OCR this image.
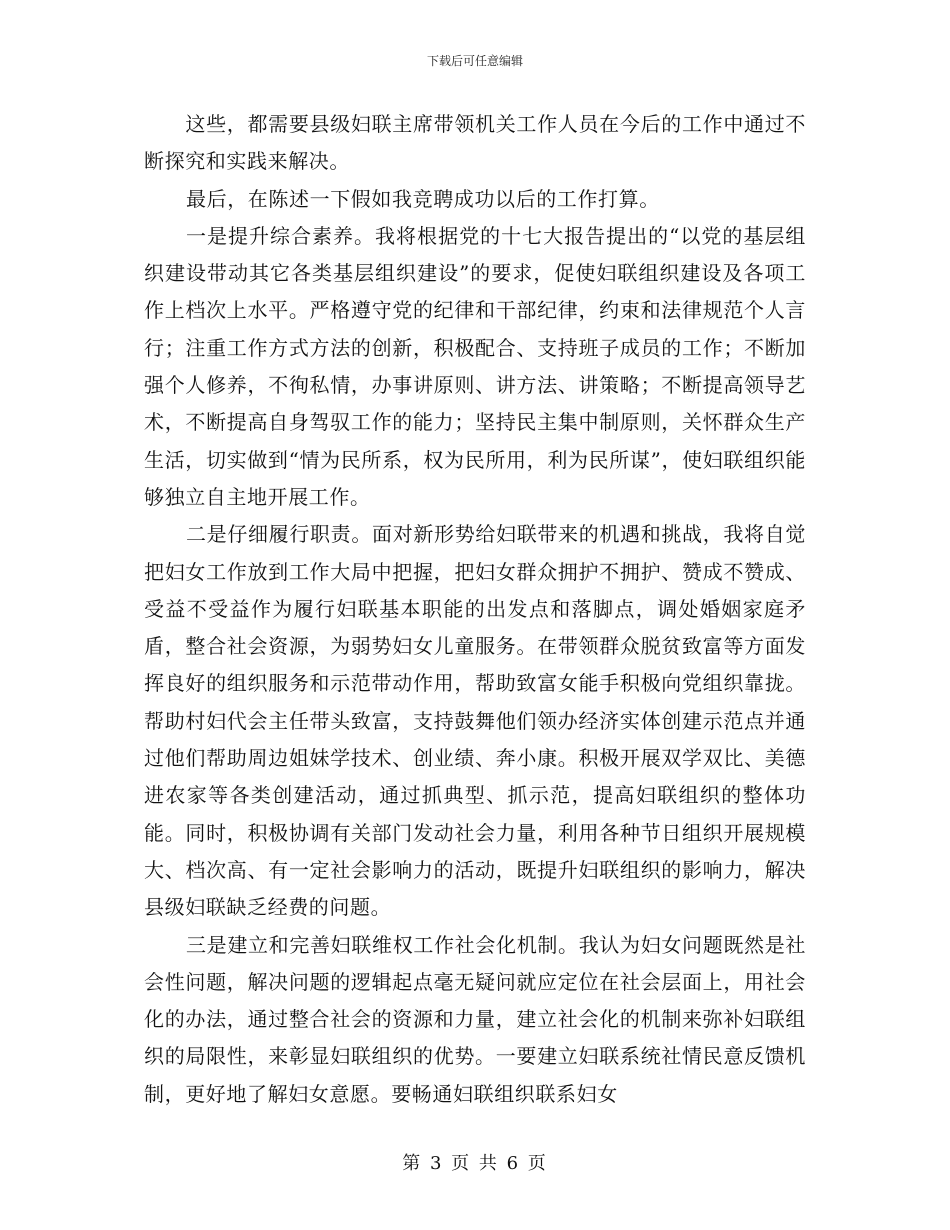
下载后可任意编辑

　　这些，都需要县级妇联主席带领机关工作人员在今后的工作中通过不断探究和实践来解决。

最后，在陈述一下假如我竞聘成功以后的工作打算。

一是提升综合素养。我将根据党的十七大报告提出的“以党的基层组织建设带动其它各类基层组织建设”的要求，促使妇联组织建设及各项工作上档次上水平。严格遵守党的纪律和干部纪律，约束和法律规范个人言行；注重工作方式方法的创新，积极配合、支持班子成员的工作；不断加强个人修养，不徇私情，办事讲原则、讲方法、讲策略；不断提高领导艺术，不断提高自身驾驭工作的能力；坚持民主集中制原则，关怀群众生产生活，切实做到“情为民所系，权为民所用，利为民所谋”，使妇联组织能够独立自主地开展工作。

二是仔细履行职责。面对新形势给妇联带来的机遇和挑战，我将自觉把妇女工作放到工作大局中把握，把妇女群众拥护不拥护、赞成不赞成、受益不受益作为履行妇联基本职能的出发点和落脚点，调处婚姻家庭矛盾，整合社会资源，为弱势妇女儿童服务。在带领群众脱贫致富等方面发挥良好的组织服务和示范带动作用，帮助致富女能手积极向党组织靠拢。帮助村妇代会主任带头致富，支持鼓舞他们领办经济实体创建示范点并通过他们帮助周边姐妹学技术、创业绩、奔小康。积极开展双学双比、美德进农家等各类创建活动，通过抓典型、抓示范，提高妇联组织的整体功能。同时，积极协调有关部门发动社会力量，利用各种节日组织开展规模大、档次高、有一定社会影响力的活动，既提升妇联组织的影响力，解决县级妇联缺乏经费的问题。

三是建立和完善妇联维权工作社会化机制。我认为妇女问题既然是社会性问题，解决问题的逻辑起点毫无疑问就应定位在社会层面上，用社会化的办法，通过整合社会的资源和力量，建立社会化的机制来弥补妇联组织的局限性，来彰显妇联组织的优势。一要建立妇联系统社情民意反馈机制，更好地了解妇女意愿。要畅通妇联组织联系妇女

第 3 页 共 6 页
